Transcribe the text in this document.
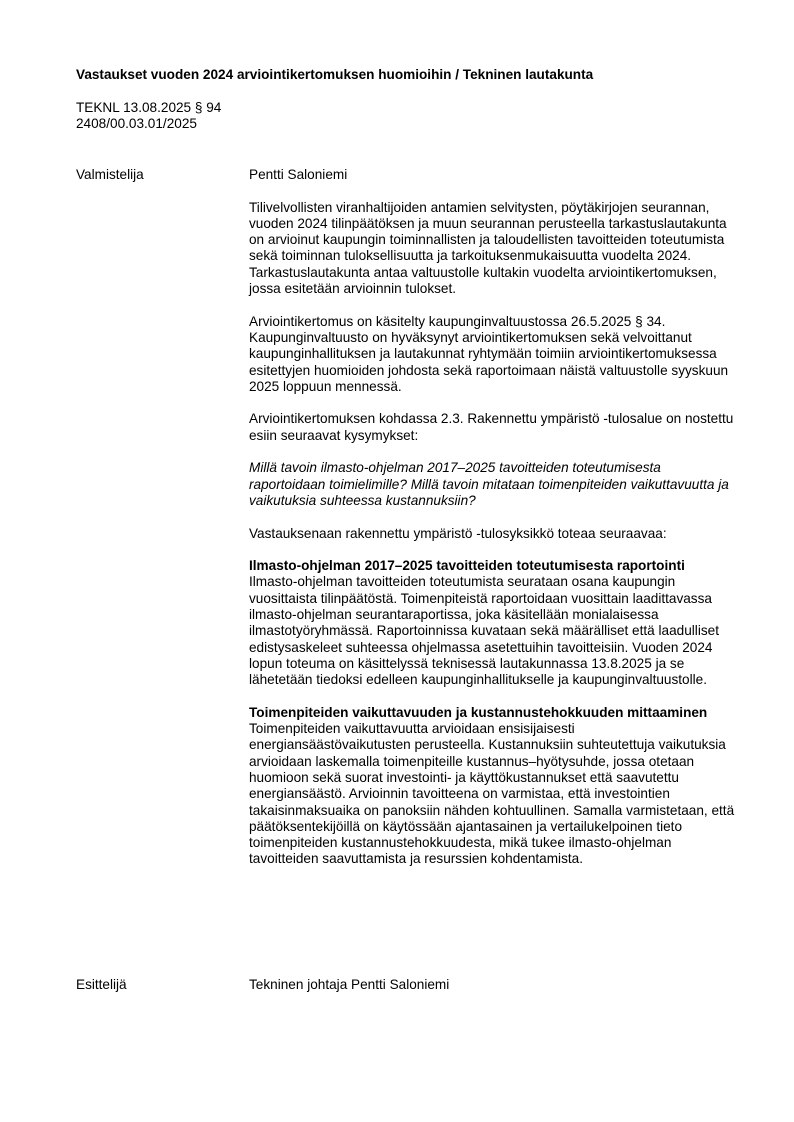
Vastaukset vuoden 2024 arviointikertomuksen huomioihin / Tekninen lautakunta
TEKNL 13.08.2025 § 94
2408/00.03.01/2025
Valmistelija	Pentti Saloniemi

Tilivelvollisten viranhaltijoiden antamien selvitysten, pöytäkirjojen seurannan, vuoden 2024 tilinpäätöksen ja muun seurannan perusteella tarkastuslautakunta on arvioinut kaupungin toiminnallisten ja taloudellisten tavoitteiden toteutumista sekä toiminnan tuloksellisuutta ja tarkoituksenmukaisuutta vuodelta 2024. Tarkastuslautakunta antaa valtuustolle kultakin vuodelta arviointikertomuksen, jossa esitetään arvioinnin tulokset.

Arviointikertomus on käsitelty kaupunginvaltuustossa 26.5.2025 § 34. Kaupunginvaltuusto on hyväksynyt arviointikertomuksen sekä velvoittanut kaupunginhallituksen ja lautakunnat ryhtymään toimiin arviointikertomuksessa esitettyjen huomioiden johdosta sekä raportoimaan näistä valtuustolle syyskuun 2025 loppuun mennessä.

Arviointikertomuksen kohdassa 2.3. Rakennettu ympäristö -tulosalue on nostettu esiin seuraavat kysymykset:

Millä tavoin ilmasto-ohjelman 2017–2025 tavoitteiden toteutumisesta raportoidaan toimielimille? Millä tavoin mitataan toimenpiteiden vaikuttavuutta ja vaikutuksia suhteessa kustannuksiin?

Vastauksenaan rakennettu ympäristö -tulosyksikkö toteaa seuraavaa:

Ilmasto-ohjelman 2017–2025 tavoitteiden toteutumisesta raportointi

Ilmasto-ohjelman tavoitteiden toteutumista seurataan osana kaupungin vuosittaista tilinpäätöstä. Toimenpiteistä raportoidaan vuosittain laadittavassa ilmasto-ohjelman seurantaraportissa, joka käsitellään monialaisessa ilmastotyöryhmässä. Raportoinnissa kuvataan sekä määrälliset että laadulliset edistysaskeleet suhteessa ohjelmassa asetettuihin tavoitteisiin. Vuoden 2024 lopun toteuma on käsittelyssä teknisessä lautakunnassa 13.8.2025 ja se lähetetään tiedoksi edelleen kaupunginhallitukselle ja kaupunginvaltuustolle.

Toimenpiteiden vaikuttavuuden ja kustannustehokkuuden mittaaminen

Toimenpiteiden vaikuttavuutta arvioidaan ensisijaisesti energiansäästövaikutusten perusteella. Kustannuksiin suhteutettuja vaikutuksia arvioidaan laskemalla toimenpiteille kustannus–hyötysuhde, jossa otetaan huomioon sekä suorat investointi- ja käyttökustannukset että saavutettu energiansäästö. Arvioinnin tavoitteena on varmistaa, että investointien takaisinmaksuaika on panoksiin nähden kohtuullinen. Samalla varmistetaan, että päätöksentekijöillä on käytössään ajantasainen ja vertailukelpoinen tieto toimenpiteiden kustannustehokkuudesta, mikä tukee ilmasto-ohjelman tavoitteiden saavuttamista ja resurssien kohdentamista.

Esittelijä	Tekninen johtaja Pentti Saloniemi
